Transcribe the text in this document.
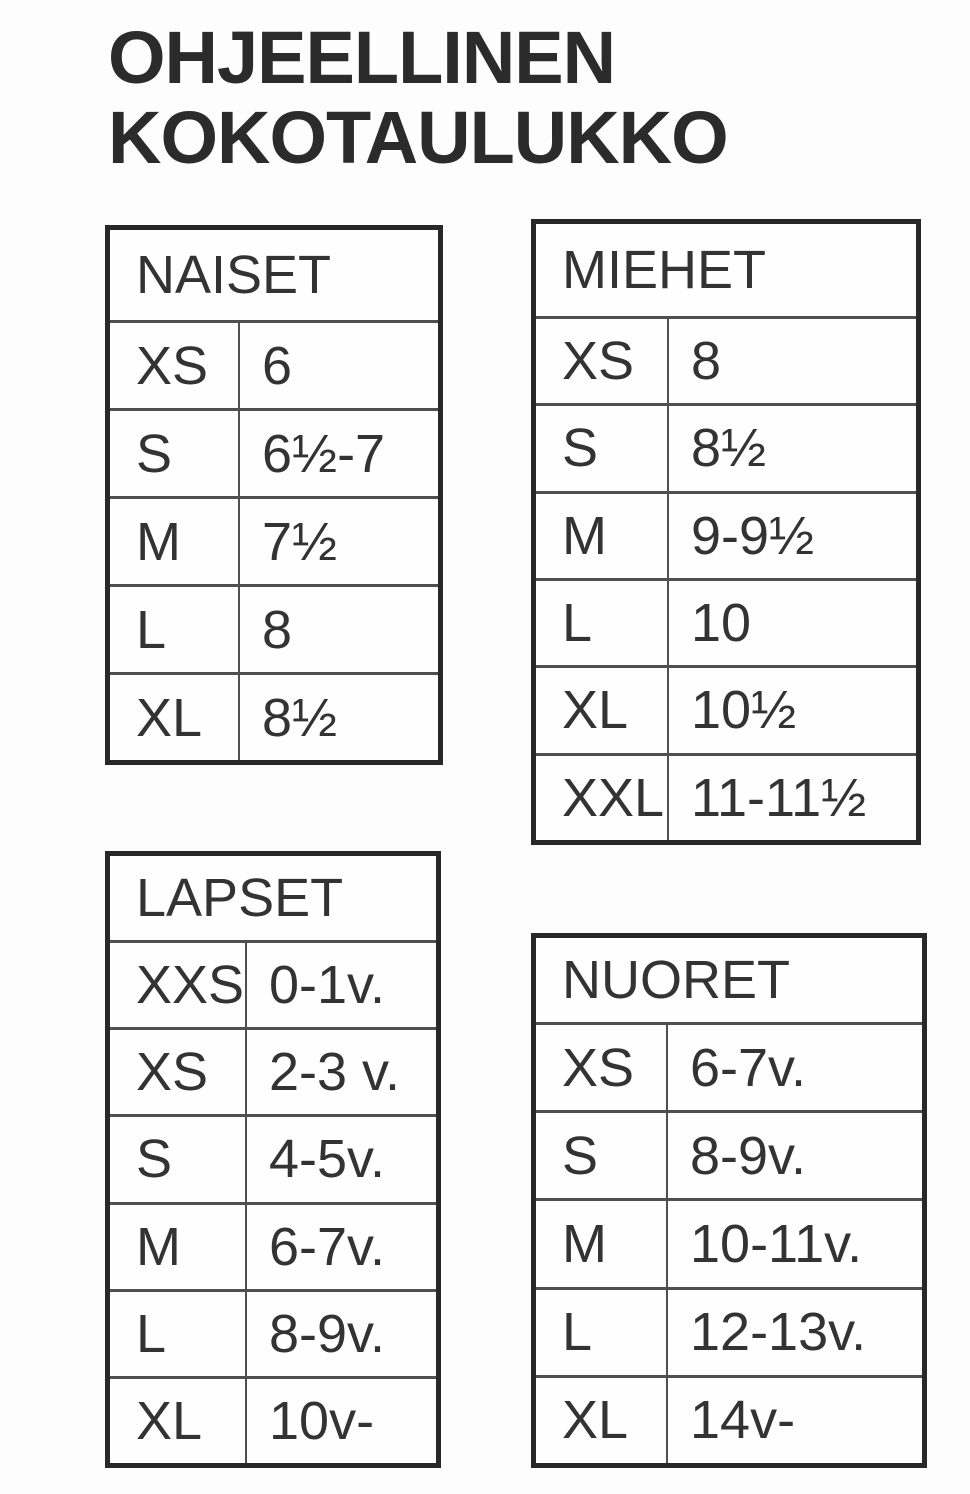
OHJEELLINEN
KOKOTAULUKKO
NAISET
XS 6
S	6½-7
M	7½
L	8
XL	8½
MIEHET
XS	8
S	8½
M	9-9½
L	10
XL	10½
XXL 11-11½
LAPSET
XXS 0-1v.
XS	2-3 v.
S	4-5v.
M	6-7v.
L	8-9v.
XL	10v-
NUORET
XS	6-7v.
S	8-9v.
M	10-11v.
L	12-13v.
XL	14v-
